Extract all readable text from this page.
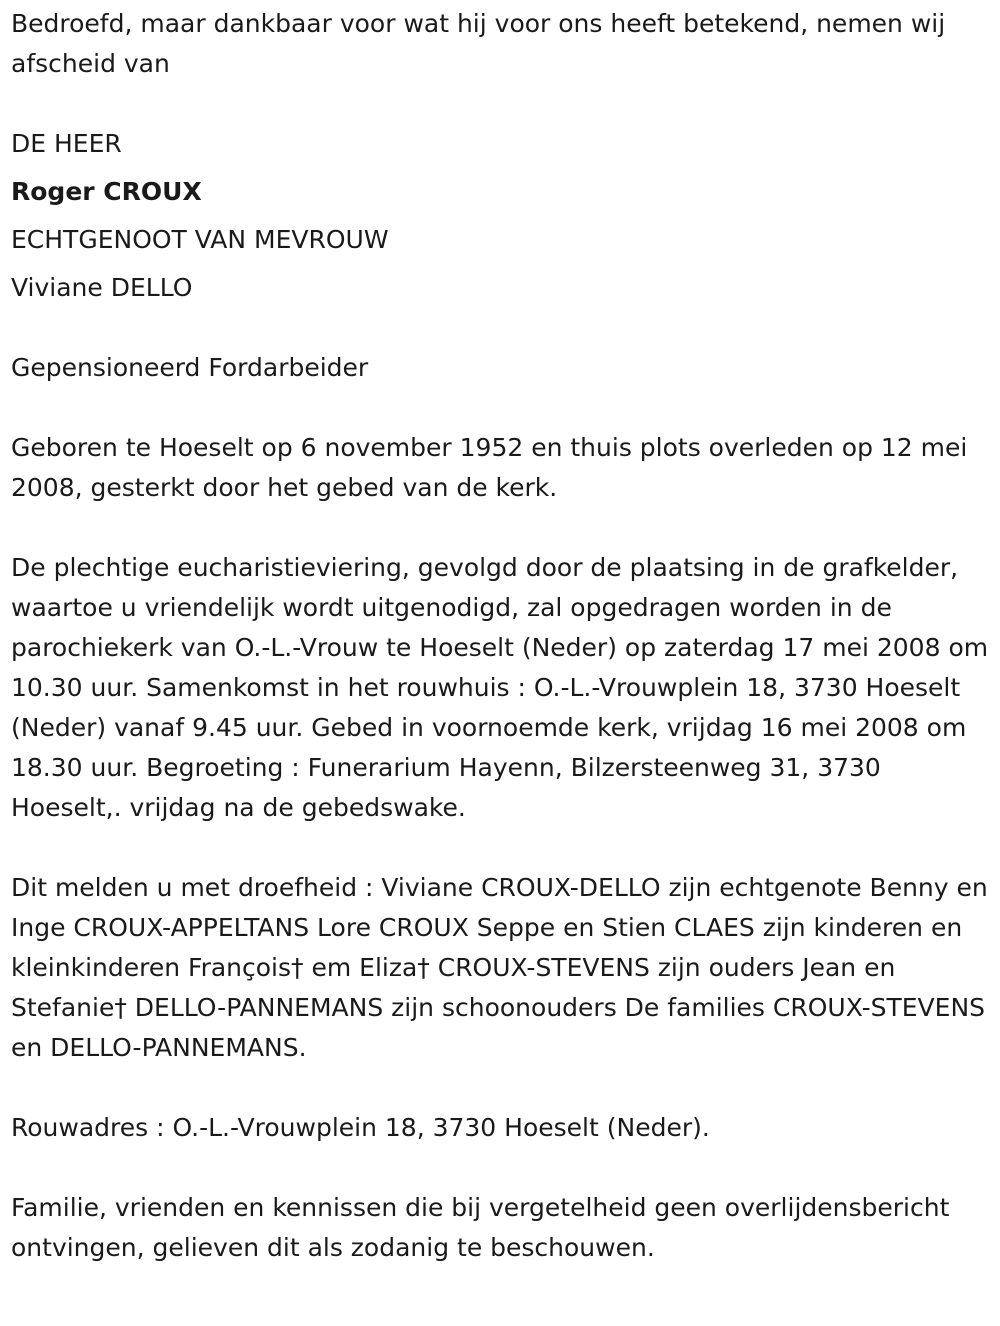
Bedroefd, maar dankbaar voor wat hij voor ons heeft betekend, nemen wij afscheid van

DE HEER

Roger CROUX

ECHTGENOOT VAN MEVROUW

Viviane DELLO

Gepensioneerd Fordarbeider

Geboren te Hoeselt op 6 november 1952 en thuis plots overleden op 12 mei 2008, gesterkt door het gebed van de kerk.

De plechtige eucharistieviering, gevolgd door de plaatsing in de grafkelder, waartoe u vriendelijk wordt uitgenodigd, zal opgedragen worden in de parochiekerk van O.-L.-Vrouw te Hoeselt (Neder) op zaterdag 17 mei 2008 om 10.30 uur. Samenkomst in het rouwhuis : O.-L.-Vrouwplein 18, 3730 Hoeselt (Neder) vanaf 9.45 uur. Gebed in voornoemde kerk, vrijdag 16 mei 2008 om 18.30 uur. Begroeting : Funerarium Hayenn, Bilzersteenweg 31, 3730 Hoeselt,. vrijdag na de gebedswake.

Dit melden u met droefheid : Viviane CROUX-DELLO zijn echtgenote Benny en Inge CROUX-APPELTANS Lore CROUX Seppe en Stien CLAES zijn kinderen en kleinkinderen François† em Eliza† CROUX-STEVENS zijn ouders Jean en Stefanie† DELLO-PANNEMANS zijn schoonouders De families CROUX-STEVENS en DELLO-PANNEMANS.

Rouwadres : O.-L.-Vrouwplein 18, 3730 Hoeselt (Neder).

Familie, vrienden en kennissen die bij vergetelheid geen overlijdensbericht ontvingen, gelieven dit als zodanig te beschouwen.
